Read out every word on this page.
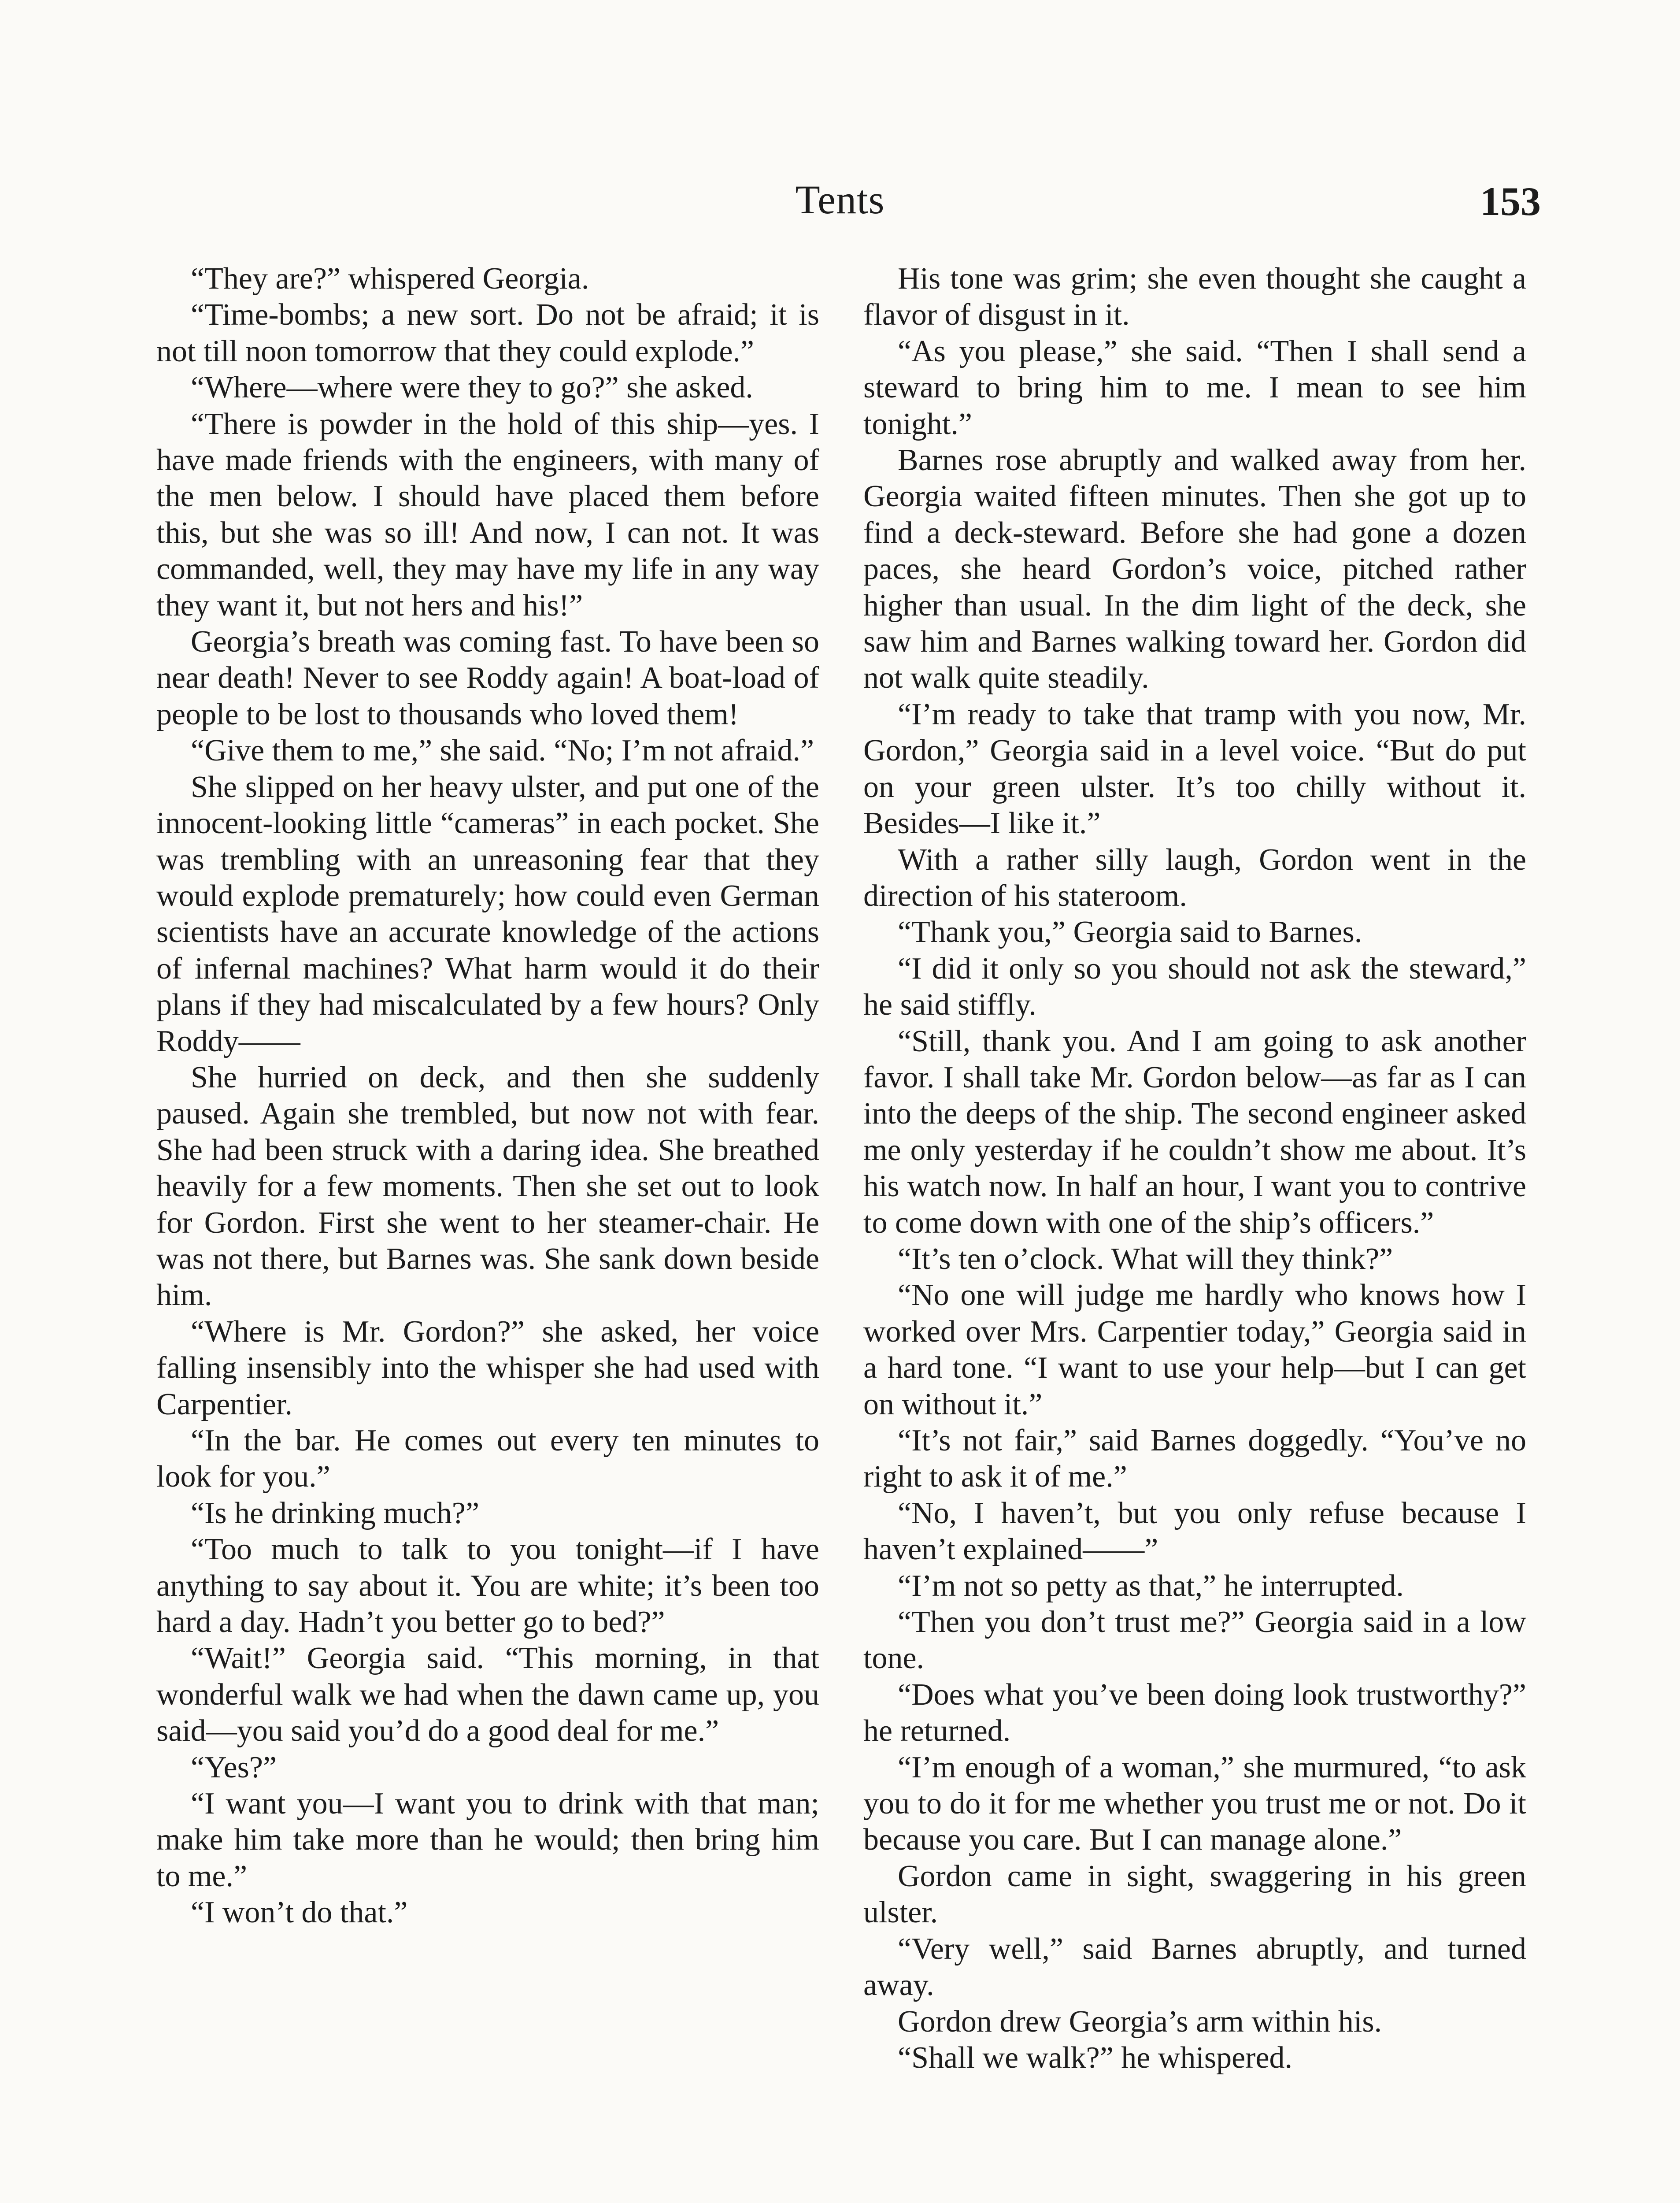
Tents	153

“They are?” whispered Georgia.

“Time-bombs; a new sort. Do not be afraid; it is not till noon tomorrow that they could explode.”

“Where—where were they to go?” she asked.

“There is powder in the hold of this ship—yes. I have made friends with the engineers, with many of the men below. I should have placed them before this, but she was so ill! And now, I can not. It was commanded, well, they may have my life in any way they want it, but not hers and his!”

Georgia’s breath was coming fast. To have been so near death! Never to see Roddy again! A boat-load of people to be lost to thousands who loved them!

“Give them to me,” she said. “No; I’m not afraid.”

She slipped on her heavy ulster, and put one of the innocent-looking little “cameras” in each pocket. She was trembling with an unreasoning fear that they would explode prematurely; how could even German scientists have an accurate knowledge of the actions of infernal machines? What harm would it do their plans if they had miscalculated by a few hours? Only Roddy——

She hurried on deck, and then she suddenly paused. Again she trembled, but now not with fear. She had been struck with a daring idea. She breathed heavily for a few moments. Then she set out to look for Gordon. First she went to her steamer-chair. He was not there, but Barnes was. She sank down beside him.

“Where is Mr. Gordon?” she asked, her voice falling insensibly into the whisper she had used with Carpentier.

“In the bar. He comes out every ten minutes to look for you.”

“Is he drinking much?”

“Too much to talk to you tonight—if I have anything to say about it. You are white; it’s been too hard a day. Hadn’t you better go to bed?”

“Wait!” Georgia said. “This morning, in that wonderful walk we had when the dawn came up, you said—you said you’d do a good deal for me.”

“Yes?”

“I want you—I want you to drink with that man; make him take more than he would; then bring him to me.”

“I won’t do that.”

His tone was grim; she even thought she caught a flavor of disgust in it.

“As you please,” she said. “Then I shall send a steward to bring him to me. I mean to see him tonight.”

Barnes rose abruptly and walked away from her. Georgia waited fifteen minutes. Then she got up to find a deck-steward. Before she had gone a dozen paces, she heard Gordon’s voice, pitched rather higher than usual. In the dim light of the deck, she saw him and Barnes walking toward her. Gordon did not walk quite steadily.

“I’m ready to take that tramp with you now, Mr. Gordon,” Georgia said in a level voice. “But do put on your green ulster. It’s too chilly without it. Besides—I like it.”

With a rather silly laugh, Gordon went in the direction of his stateroom.

“Thank you,” Georgia said to Barnes.

“I did it only so you should not ask the steward,” he said stiffly.

“Still, thank you. And I am going to ask another favor. I shall take Mr. Gordon below—as far as I can into the deeps of the ship. The second engineer asked me only yesterday if he couldn’t show me about. It’s his watch now. In half an hour, I want you to contrive to come down with one of the ship’s officers.”

“It’s ten o’clock. What will they think?”

“No one will judge me hardly who knows how I worked over Mrs. Carpentier today,” Georgia said in a hard tone. “I want to use your help—but I can get on without it.”

“It’s not fair,” said Barnes doggedly. “You’ve no right to ask it of me.”

“No, I haven’t, but you only refuse because I haven’t explained——”

“I’m not so petty as that,” he interrupted.

“Then you don’t trust me?” Georgia said in a low tone.

“Does what you’ve been doing look trustworthy?” he returned.

“I’m enough of a woman,” she murmured, “to ask you to do it for me whether you trust me or not. Do it because you care. But I can manage alone.”

Gordon came in sight, swaggering in his green ulster.

“Very well,” said Barnes abruptly, and turned away.

Gordon drew Georgia’s arm within his.

“Shall we walk?” he whispered.
